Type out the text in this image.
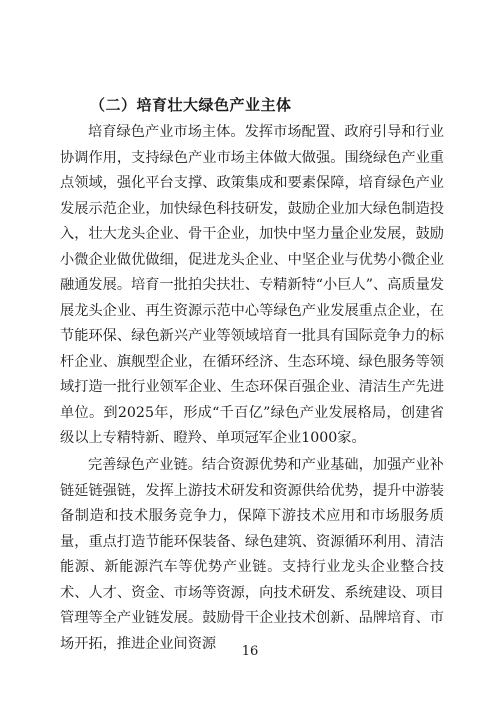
（二）培育壮大绿色产业主体

培育绿色产业市场主体。发挥市场配置、政府引导和行业协调作用，支持绿色产业市场主体做大做强。围绕绿色产业重点领域，强化平台支撑、政策集成和要素保障，培育绿色产业发展示范企业，加快绿色科技研发，鼓励企业加大绿色制造投入，壮大龙头企业、骨干企业，加快中坚力量企业发展，鼓励小微企业做优做细，促进龙头企业、中坚企业与优势小微企业融通发展。培育一批拍尖扶壮、专精新特“小巨人”、高质量发展龙头企业、再生资源示范中心等绿色产业发展重点企业，在节能环保、绿色新兴产业等领域培育一批具有国际竞争力的标杆企业、旗舰型企业，在循环经济、生态环境、绿色服务等领域打造一批行业领军企业、生态环保百强企业、清洁生产先进单位。到2025年，形成“千百亿”绿色产业发展格局，创建省级以上专精特新、瞪羚、单项冠军企业1000家。

完善绿色产业链。结合资源优势和产业基础，加强产业补链延链强链，发挥上游技术研发和资源供给优势，提升中游装备制造和技术服务竞争力，保障下游技术应用和市场服务质量，重点打造节能环保装备、绿色建筑、资源循环利用、清洁能源、新能源汽车等优势产业链。支持行业龙头企业整合技术、人才、资金、市场等资源，向技术研发、系统建设、项目管理等全产业链发展。鼓励骨干企业技术创新、品牌培育、市场开拓，推进企业间资源	16
